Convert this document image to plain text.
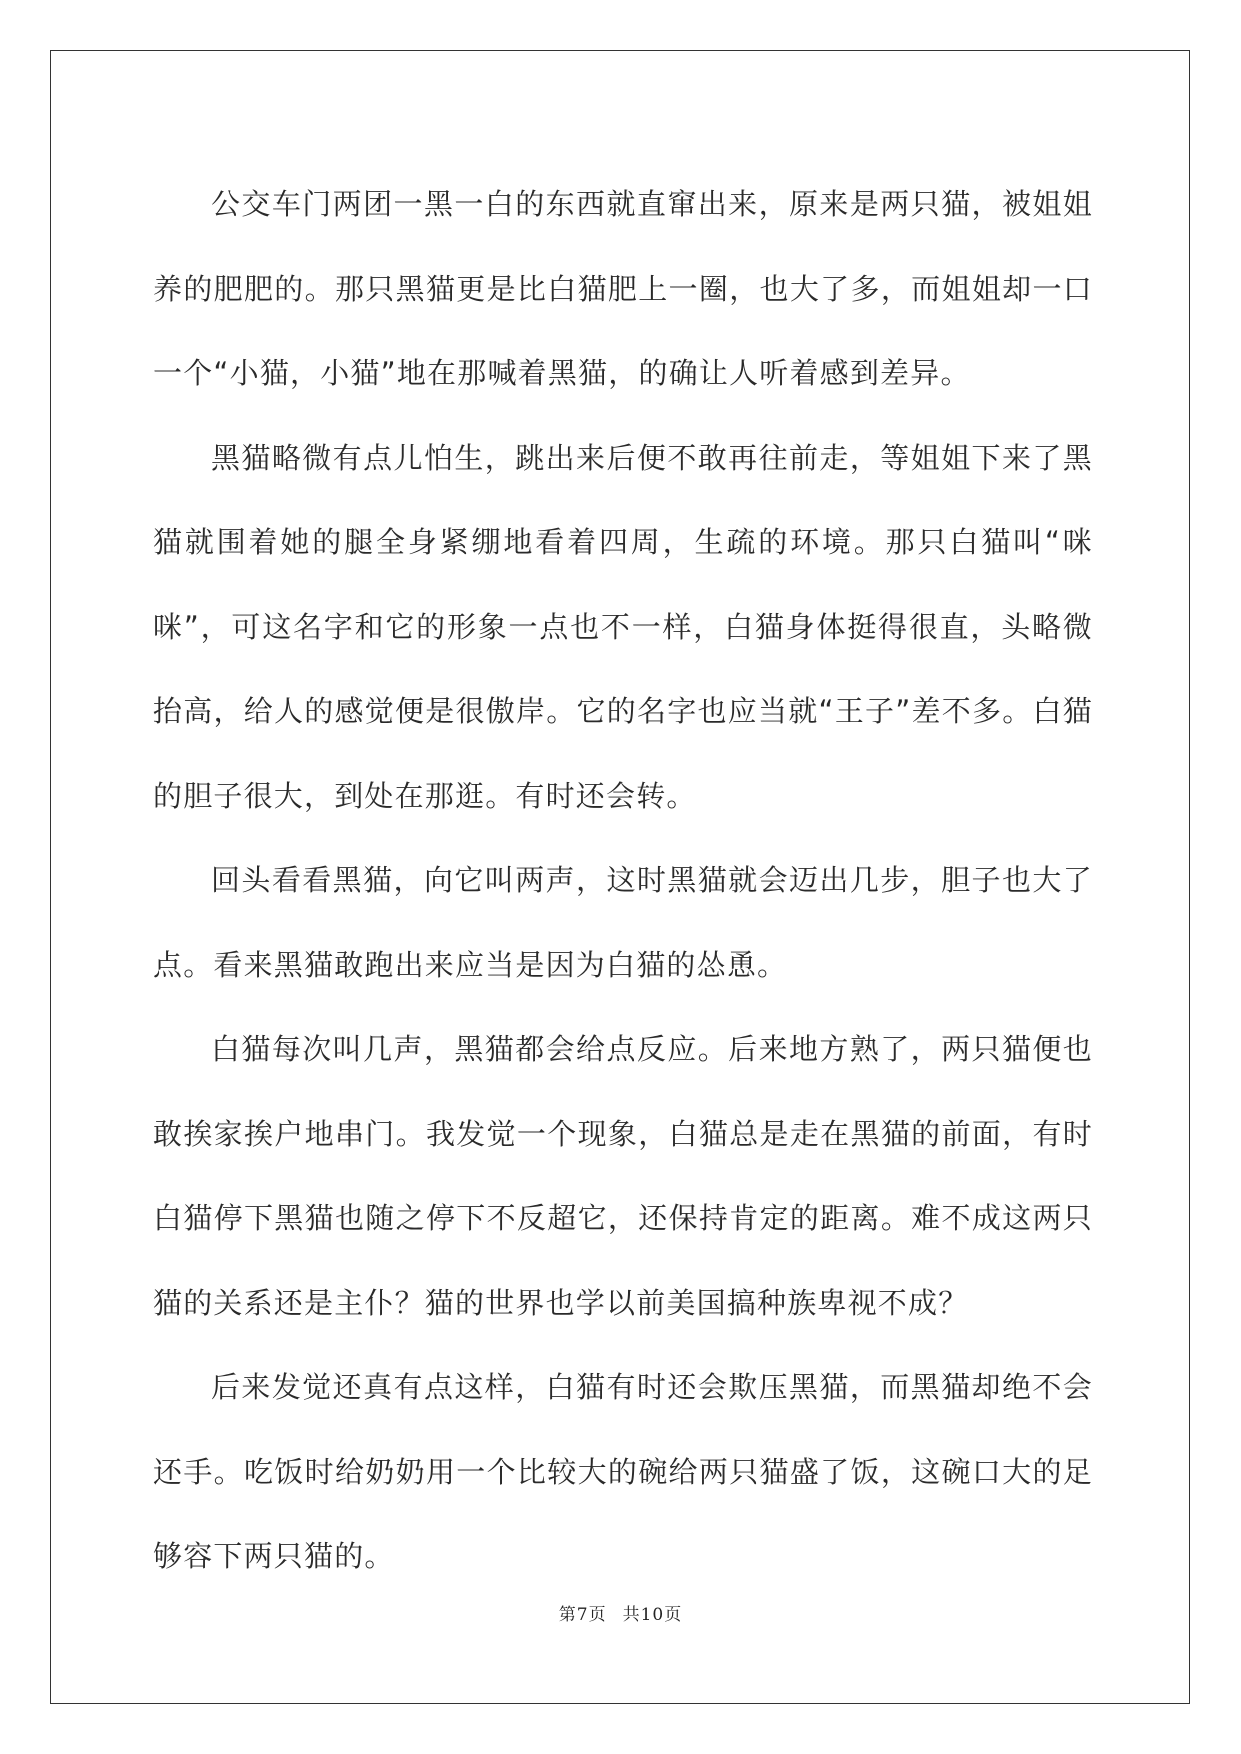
公交车门两团一黑一白的东西就直窜出来，原来是两只猫，被姐姐养的肥肥的。那只黑猫更是比白猫肥上一圈，也大了多，而姐姐却一口一个“小猫，小猫”地在那喊着黑猫，的确让人听着感到差异。

黑猫略微有点儿怕生，跳出来后便不敢再往前走，等姐姐下来了黑猫就围着她的腿全身紧绷地看着四周，生疏的环境。那只白猫叫“咪咪”，可这名字和它的形象一点也不一样，白猫身体挺得很直，头略微抬高，给人的感觉便是很傲岸。它的名字也应当就“王子”差不多。白猫的胆子很大，到处在那逛。有时还会转。

回头看看黑猫，向它叫两声，这时黑猫就会迈出几步，胆子也大了点。看来黑猫敢跑出来应当是因为白猫的怂恿。

白猫每次叫几声，黑猫都会给点反应。后来地方熟了，两只猫便也敢挨家挨户地串门。我发觉一个现象，白猫总是走在黑猫的前面，有时白猫停下黑猫也随之停下不反超它，还保持肯定的距离。难不成这两只猫的关系还是主仆？猫的世界也学以前美国搞种族卑视不成？

后来发觉还真有点这样，白猫有时还会欺压黑猫，而黑猫却绝不会还手。吃饭时给奶奶用一个比较大的碗给两只猫盛了饭，这碗口大的足够容下两只猫的。

第7页 共10页
